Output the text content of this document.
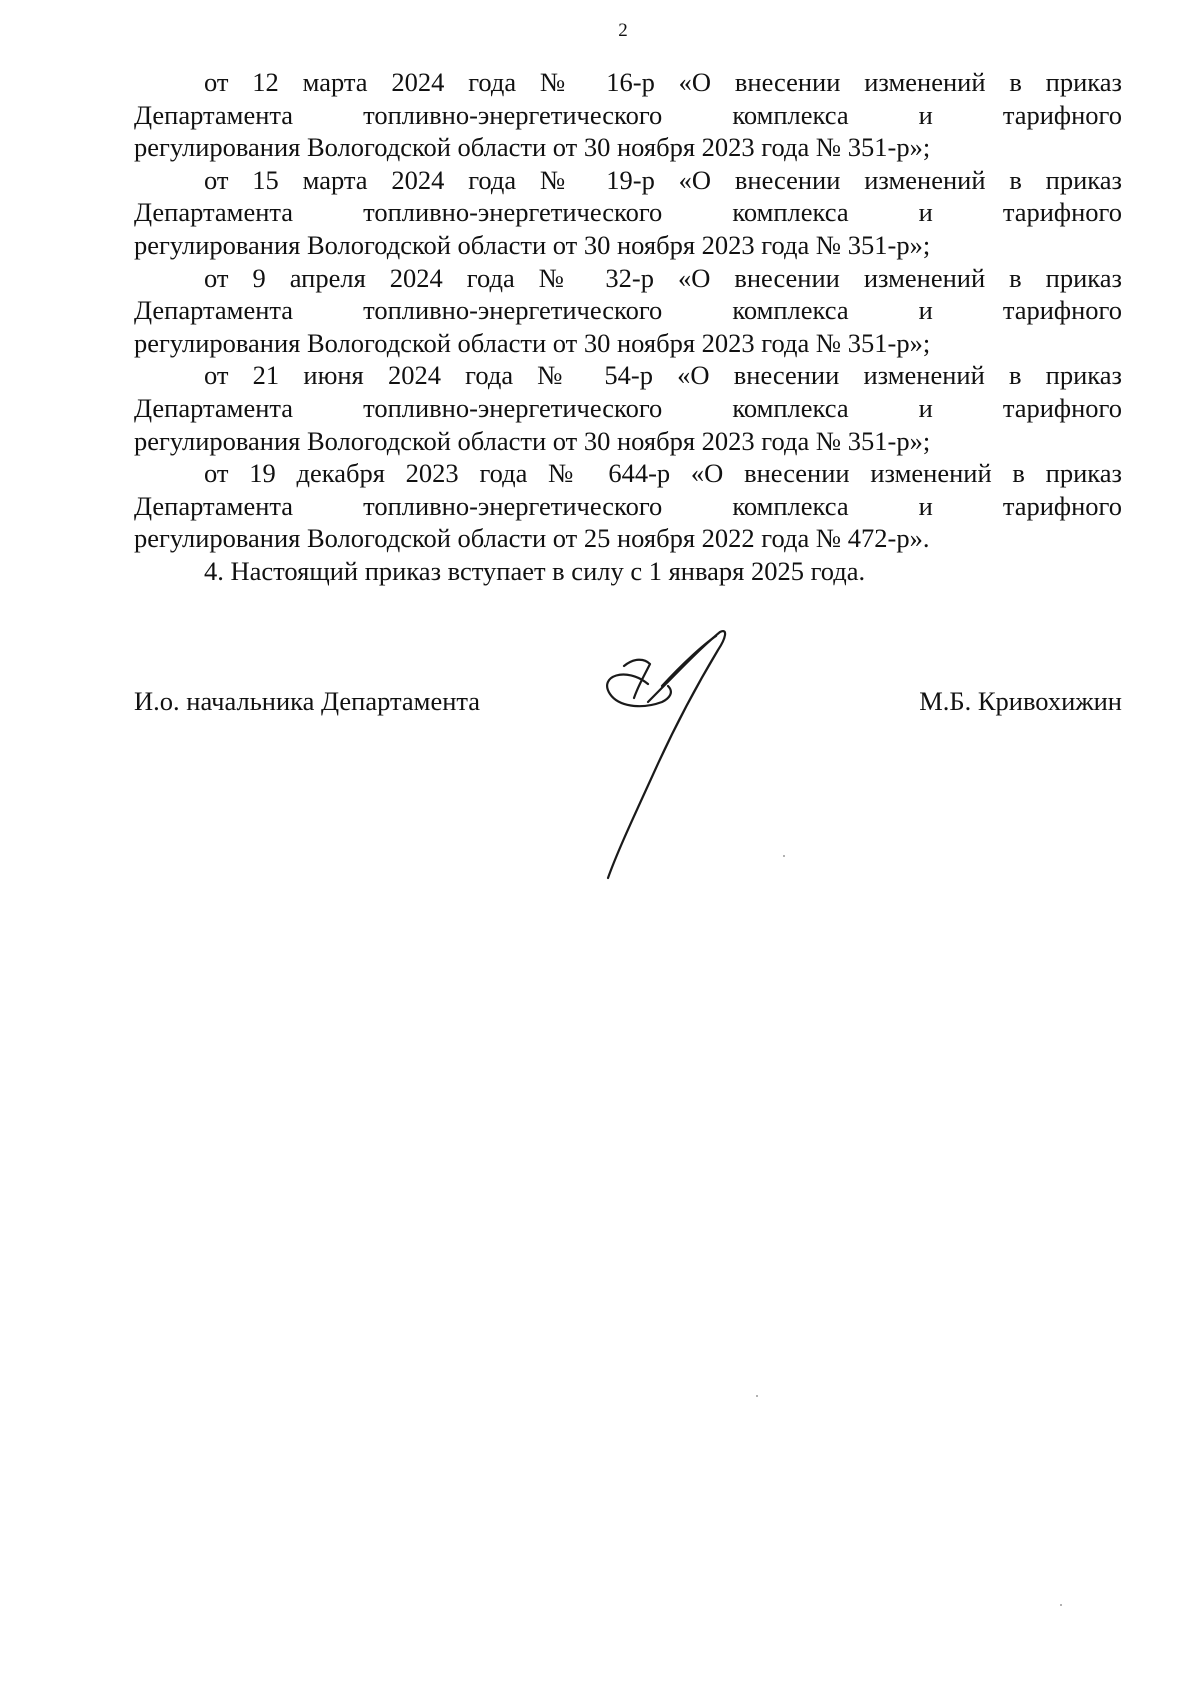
2

от 12 марта 2024 года № 16-р «О внесении изменений в приказ
Департамента топливно-энергетического комплекса и тарифного
регулирования Вологодской области от 30 ноября 2023 года № 351-р»;

от 15 марта 2024 года № 19-р «О внесении изменений в приказ
Департамента топливно-энергетического комплекса и тарифного
регулирования Вологодской области от 30 ноября 2023 года № 351-р»;

от 9 апреля 2024 года № 32-р «О внесении изменений в приказ
Департамента топливно-энергетического комплекса и тарифного
регулирования Вологодской области от 30 ноября 2023 года № 351-р»;

от 21 июня 2024 года № 54-р «О внесении изменений в приказ
Департамента топливно-энергетического комплекса и тарифного
регулирования Вологодской области от 30 ноября 2023 года № 351-р»;

от 19 декабря 2023 года № 644-р «О внесении изменений в приказ
Департамента топливно-энергетического комплекса и тарифного
регулирования Вологодской области от 25 ноября 2022 года № 472-р».

4. Настоящий приказ вступает в силу с 1 января 2025 года.

И.о. начальника Департамента	М.Б. Кривохижин
